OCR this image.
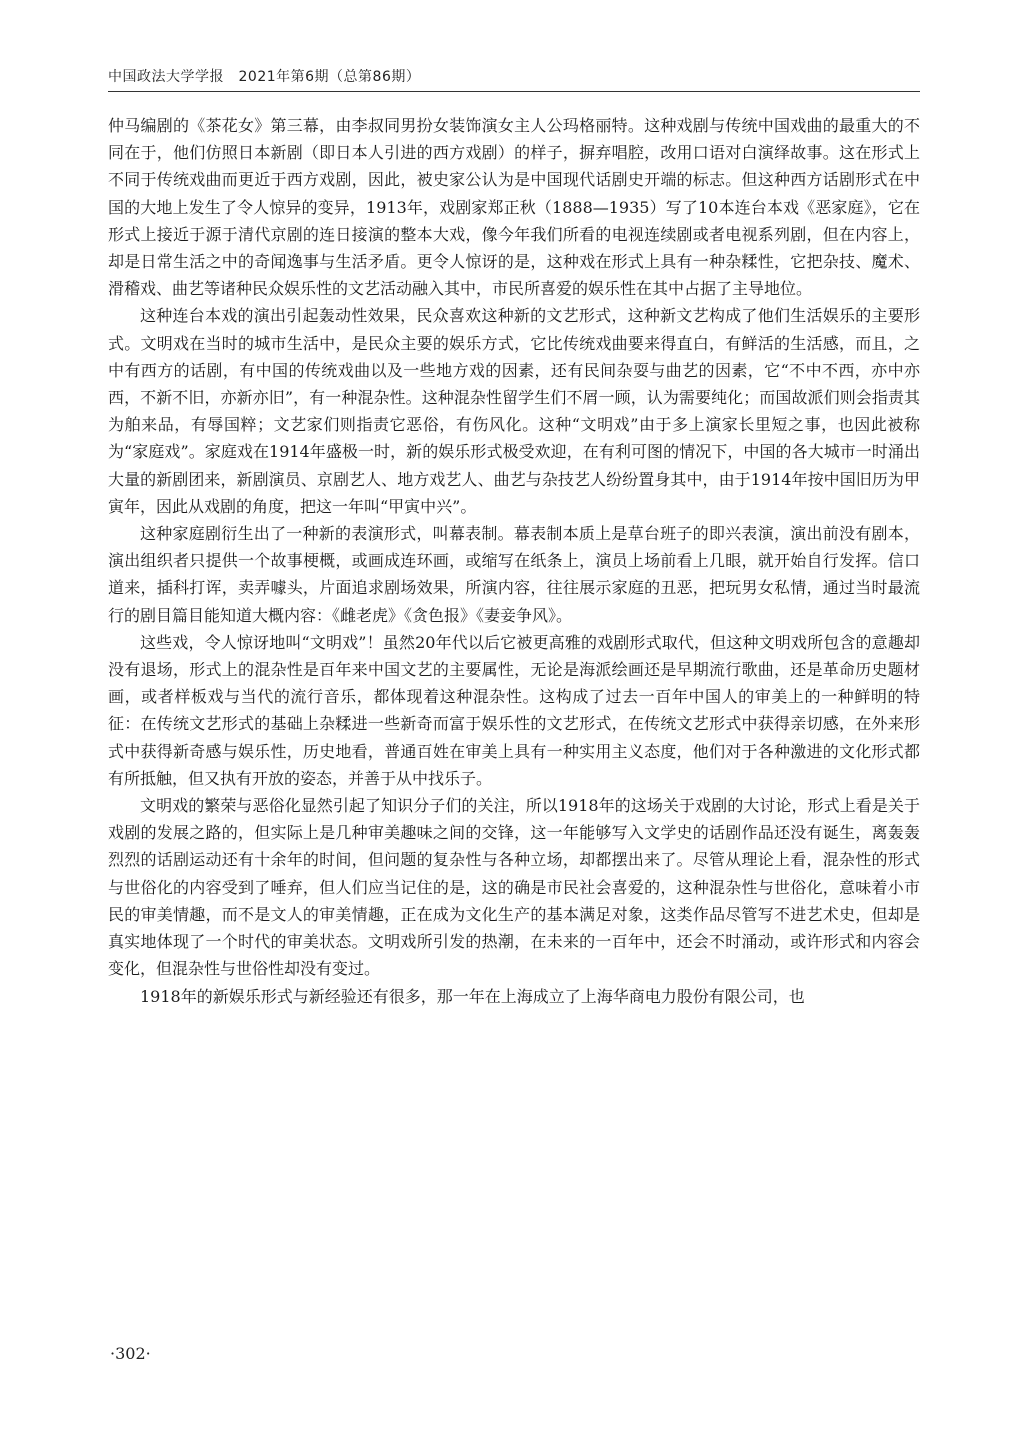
中国政法大学学报　2021年第6期（总第86期）

仲马编剧的《茶花女》第三幕，由李叔同男扮女装饰演女主人公玛格丽特。这种戏剧与传统中国戏曲的最重大的不同在于，他们仿照日本新剧（即日本人引进的西方戏剧）的样子，摒弃唱腔，改用口语对白演绎故事。这在形式上不同于传统戏曲而更近于西方戏剧，因此，被史家公认为是中国现代话剧史开端的标志。但这种西方话剧形式在中国的大地上发生了令人惊异的变异，1913年，戏剧家郑正秋（1888—1935）写了10本连台本戏《恶家庭》，它在形式上接近于源于清代京剧的连日接演的整本大戏，像今年我们所看的电视连续剧或者电视系列剧，但在内容上，却是日常生活之中的奇闻逸事与生活矛盾。更令人惊讶的是，这种戏在形式上具有一种杂糅性，它把杂技、魔术、滑稽戏、曲艺等诸种民众娱乐性的文艺活动融入其中，市民所喜爱的娱乐性在其中占据了主导地位。

这种连台本戏的演出引起轰动性效果，民众喜欢这种新的文艺形式，这种新文艺构成了他们生活娱乐的主要形式。文明戏在当时的城市生活中，是民众主要的娱乐方式，它比传统戏曲要来得直白，有鲜活的生活感，而且，之中有西方的话剧，有中国的传统戏曲以及一些地方戏的因素，还有民间杂耍与曲艺的因素，它“不中不西，亦中亦西，不新不旧，亦新亦旧”，有一种混杂性。这种混杂性留学生们不屑一顾，认为需要纯化；而国故派们则会指责其为舶来品，有辱国粹；文艺家们则指责它恶俗，有伤风化。这种“文明戏”由于多上演家长里短之事，也因此被称为“家庭戏”。家庭戏在1914年盛极一时，新的娱乐形式极受欢迎，在有利可图的情况下，中国的各大城市一时涌出大量的新剧团来，新剧演员、京剧艺人、地方戏艺人、曲艺与杂技艺人纷纷置身其中，由于1914年按中国旧历为甲寅年，因此从戏剧的角度，把这一年叫“甲寅中兴”。

这种家庭剧衍生出了一种新的表演形式，叫幕表制。幕表制本质上是草台班子的即兴表演，演出前没有剧本，演出组织者只提供一个故事梗概，或画成连环画，或缩写在纸条上，演员上场前看上几眼，就开始自行发挥。信口道来，插科打诨，卖弄噱头，片面追求剧场效果，所演内容，往往展示家庭的丑恶，把玩男女私情，通过当时最流行的剧目篇目能知道大概内容：《雌老虎》《贪色报》《妻妾争风》。

这些戏，令人惊讶地叫“文明戏”！虽然20年代以后它被更高雅的戏剧形式取代，但这种文明戏所包含的意趣却没有退场，形式上的混杂性是百年来中国文艺的主要属性，无论是海派绘画还是早期流行歌曲，还是革命历史题材画，或者样板戏与当代的流行音乐，都体现着这种混杂性。这构成了过去一百年中国人的审美上的一种鲜明的特征：在传统文艺形式的基础上杂糅进一些新奇而富于娱乐性的文艺形式，在传统文艺形式中获得亲切感，在外来形式中获得新奇感与娱乐性，历史地看，普通百姓在审美上具有一种实用主义态度，他们对于各种激进的文化形式都有所抵触，但又执有开放的姿态，并善于从中找乐子。

文明戏的繁荣与恶俗化显然引起了知识分子们的关注，所以1918年的这场关于戏剧的大讨论，形式上看是关于戏剧的发展之路的，但实际上是几种审美趣味之间的交锋，这一年能够写入文学史的话剧作品还没有诞生，离轰轰烈烈的话剧运动还有十余年的时间，但问题的复杂性与各种立场，却都摆出来了。尽管从理论上看，混杂性的形式与世俗化的内容受到了唾弃，但人们应当记住的是，这的确是市民社会喜爱的，这种混杂性与世俗化，意味着小市民的审美情趣，而不是文人的审美情趣，正在成为文化生产的基本满足对象，这类作品尽管写不进艺术史，但却是真实地体现了一个时代的审美状态。文明戏所引发的热潮，在未来的一百年中，还会不时涌动，或许形式和内容会变化，但混杂性与世俗性却没有变过。

1918年的新娱乐形式与新经验还有很多，那一年在上海成立了上海华商电力股份有限公司，也

·302·
